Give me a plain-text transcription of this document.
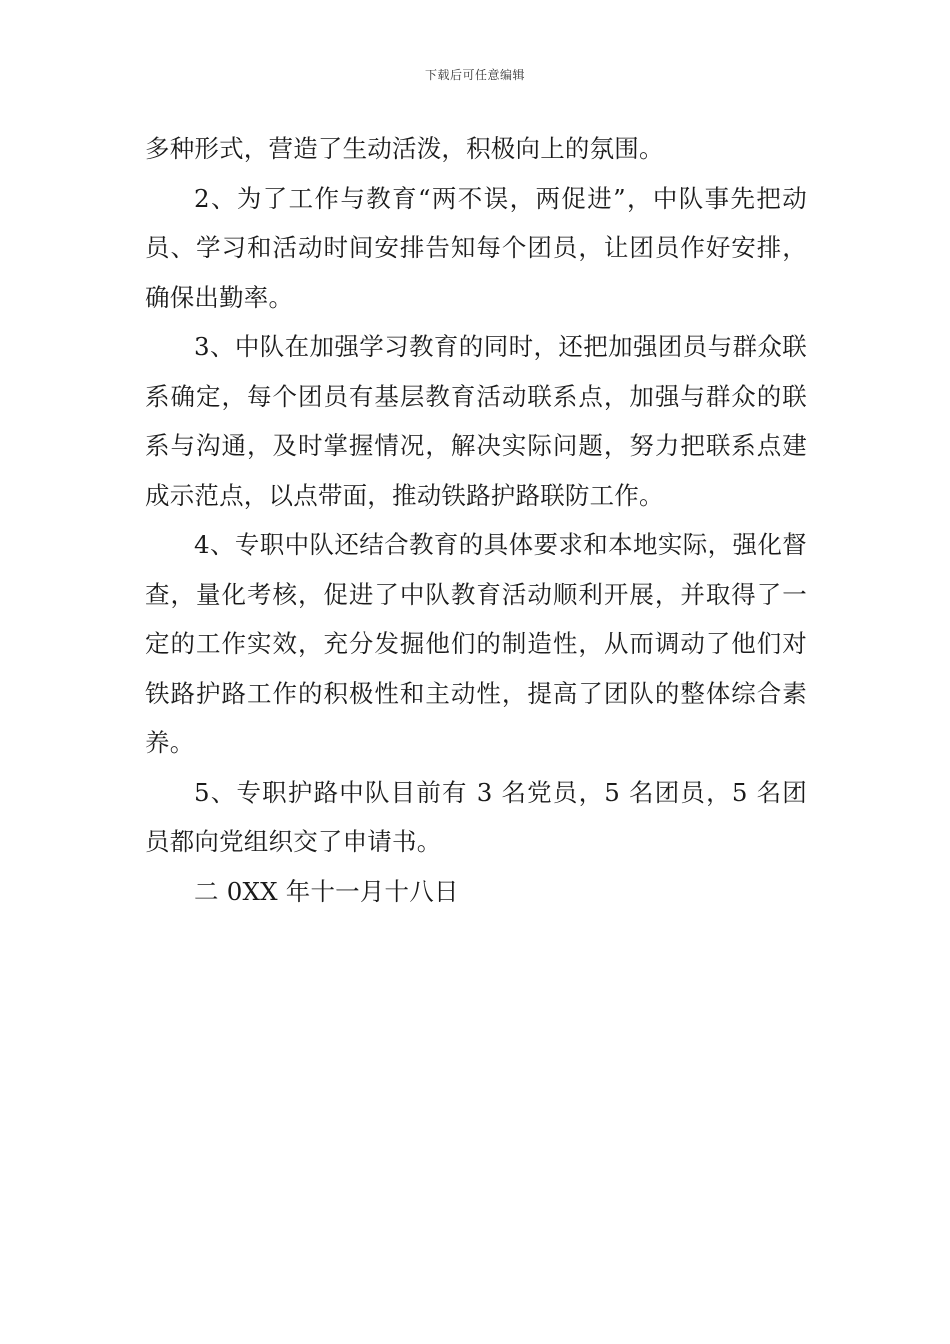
下载后可任意编辑

多种形式，营造了生动活泼，积极向上的氛围。

2、为了工作与教育“两不误，两促进”，中队事先把动员、学习和活动时间安排告知每个团员，让团员作好安排，确保出勤率。

3、中队在加强学习教育的同时，还把加强团员与群众联系确定，每个团员有基层教育活动联系点，加强与群众的联系与沟通，及时掌握情况，解决实际问题，努力把联系点建成示范点，以点带面，推动铁路护路联防工作。

4、专职中队还结合教育的具体要求和本地实际，强化督查，量化考核，促进了中队教育活动顺利开展，并取得了一定的工作实效，充分发掘他们的制造性，从而调动了他们对铁路护路工作的积极性和主动性，提高了团队的整体综合素养。

5、专职护路中队目前有 3 名党员，5 名团员，5 名团员都向党组织交了申请书。

二 0XX 年十一月十八日
